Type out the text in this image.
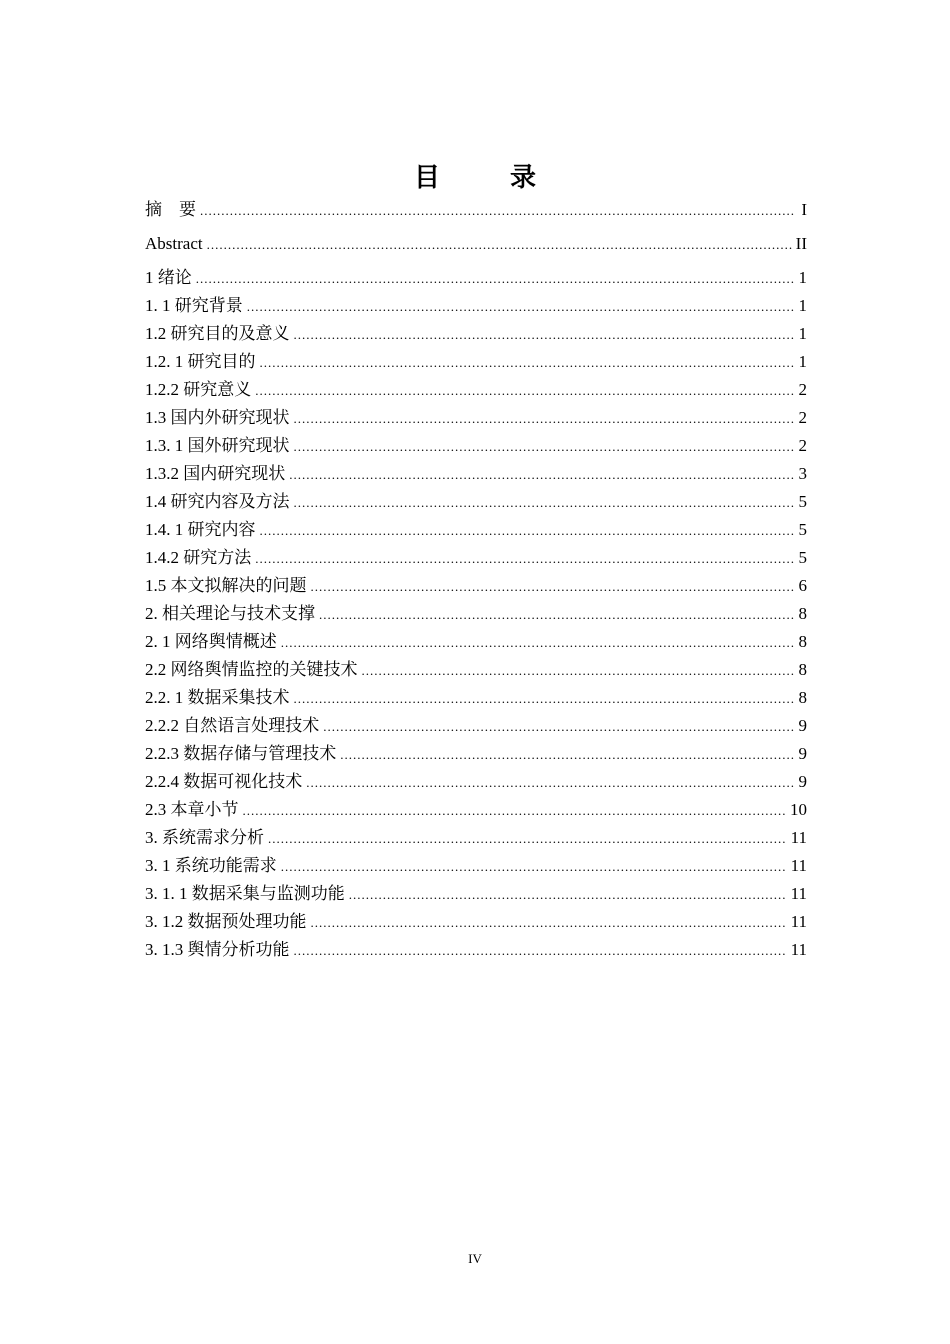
目　录
摘　要 .....	I
Abstract .....	II
1 绪论 .....	1
1. 1 研究背景 .....	1
1.2 研究目的及意义 .....	1
1.2. 1 研究目的 .....	1
1.2.2 研究意义 .....	2
1.3 国内外研究现状 .....	2
1.3. 1 国外研究现状 .....	2
1.3.2 国内研究现状 .....	3
1.4 研究内容及方法 .....	5
1.4. 1 研究内容 .....	5
1.4.2 研究方法 .....	5
1.5 本文拟解决的问题 .....	6
2. 相关理论与技术支撑 .....	8
2. 1 网络舆情概述 .....	8
2.2 网络舆情监控的关键技术 .....	8
2.2. 1 数据采集技术 .....	8
2.2.2 自然语言处理技术 .....	9
2.2.3 数据存储与管理技术 .....	9
2.2.4 数据可视化技术 .....	9
2.3 本章小节 .....	10
3. 系统需求分析 .....	11
3. 1 系统功能需求 .....	11
3. 1. 1 数据采集与监测功能 .....	11
3. 1.2 数据预处理功能 .....	11
3. 1.3 舆情分析功能 .....	11
IV
